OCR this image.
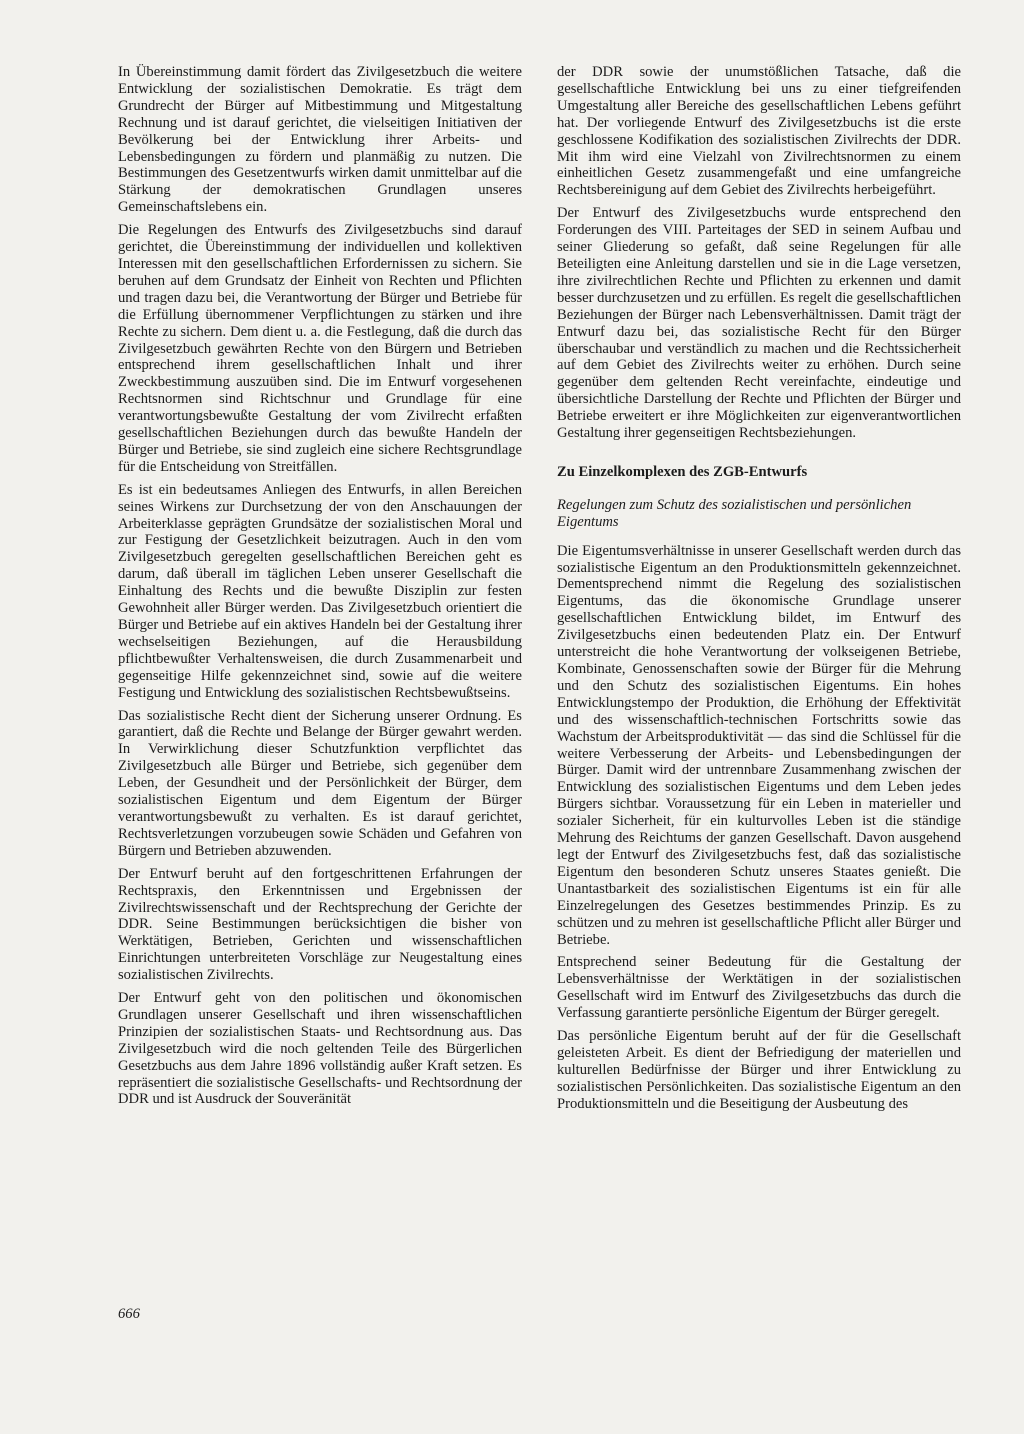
In Übereinstimmung damit fördert das Zivilgesetzbuch die weitere Entwicklung der sozialistischen Demokratie. Es trägt dem Grundrecht der Bürger auf Mitbestimmung und Mitgestaltung Rechnung und ist darauf gerichtet, die vielseitigen Initiativen der Bevölkerung bei der Entwicklung ihrer Arbeits- und Lebensbedingungen zu fördern und planmäßig zu nutzen. Die Bestimmungen des Gesetzentwurfs wirken damit unmittelbar auf die Stärkung der demokratischen Grundlagen unseres Gemeinschaftslebens ein.

Die Regelungen des Entwurfs des Zivilgesetzbuchs sind darauf gerichtet, die Übereinstimmung der individuellen und kollektiven Interessen mit den gesellschaftlichen Erfordernissen zu sichern. Sie beruhen auf dem Grundsatz der Einheit von Rechten und Pflichten und tragen dazu bei, die Verantwortung der Bürger und Betriebe für die Erfüllung übernommener Verpflichtungen zu stärken und ihre Rechte zu sichern. Dem dient u. a. die Festlegung, daß die durch das Zivilgesetzbuch gewährten Rechte von den Bürgern und Betrieben entsprechend ihrem gesellschaftlichen Inhalt und ihrer Zweckbestimmung auszuüben sind. Die im Entwurf vorgesehenen Rechtsnormen sind Richtschnur und Grundlage für eine verantwortungsbewußte Gestaltung der vom Zivilrecht erfaßten gesellschaftlichen Beziehungen durch das bewußte Handeln der Bürger und Betriebe, sie sind zugleich eine sichere Rechtsgrundlage für die Entscheidung von Streitfällen.

Es ist ein bedeutsames Anliegen des Entwurfs, in allen Bereichen seines Wirkens zur Durchsetzung der von den Anschauungen der Arbeiterklasse geprägten Grundsätze der sozialistischen Moral und zur Festigung der Gesetzlichkeit beizutragen. Auch in den vom Zivilgesetzbuch geregelten gesellschaftlichen Bereichen geht es darum, daß überall im täglichen Leben unserer Gesellschaft die Einhaltung des Rechts und die bewußte Disziplin zur festen Gewohnheit aller Bürger werden. Das Zivilgesetzbuch orientiert die Bürger und Betriebe auf ein aktives Handeln bei der Gestaltung ihrer wechselseitigen Beziehungen, auf die Herausbildung pflichtbewußter Verhaltensweisen, die durch Zusammenarbeit und gegenseitige Hilfe gekennzeichnet sind, sowie auf die weitere Festigung und Entwicklung des sozialistischen Rechtsbewußtseins.

Das sozialistische Recht dient der Sicherung unserer Ordnung. Es garantiert, daß die Rechte und Belange der Bürger gewahrt werden. In Verwirklichung dieser Schutzfunktion verpflichtet das Zivilgesetzbuch alle Bürger und Betriebe, sich gegenüber dem Leben, der Gesundheit und der Persönlichkeit der Bürger, dem sozialistischen Eigentum und dem Eigentum der Bürger verantwortungsbewußt zu verhalten. Es ist darauf gerichtet, Rechtsverletzungen vorzubeugen sowie Schäden und Gefahren von Bürgern und Betrieben abzuwenden.

Der Entwurf beruht auf den fortgeschrittenen Erfahrungen der Rechtspraxis, den Erkenntnissen und Ergebnissen der Zivilrechtswissenschaft und der Rechtsprechung der Gerichte der DDR. Seine Bestimmungen berücksichtigen die bisher von Werktätigen, Betrieben, Gerichten und wissenschaftlichen Einrichtungen unterbreiteten Vorschläge zur Neugestaltung eines sozialistischen Zivilrechts.

Der Entwurf geht von den politischen und ökonomischen Grundlagen unserer Gesellschaft und ihren wissenschaftlichen Prinzipien der sozialistischen Staats- und Rechtsordnung aus. Das Zivilgesetzbuch wird die noch geltenden Teile des Bürgerlichen Gesetzbuchs aus dem Jahre 1896 vollständig außer Kraft setzen. Es repräsentiert die sozialistische Gesellschafts- und Rechtsordnung der DDR und ist Ausdruck der Souveränität

der DDR sowie der unumstößlichen Tatsache, daß die gesellschaftliche Entwicklung bei uns zu einer tiefgreifenden Umgestaltung aller Bereiche des gesellschaftlichen Lebens geführt hat. Der vorliegende Entwurf des Zivilgesetzbuchs ist die erste geschlossene Kodifikation des sozialistischen Zivilrechts der DDR. Mit ihm wird eine Vielzahl von Zivilrechtsnormen zu einem einheitlichen Gesetz zusammengefaßt und eine umfangreiche Rechtsbereinigung auf dem Gebiet des Zivilrechts herbeigeführt.

Der Entwurf des Zivilgesetzbuchs wurde entsprechend den Forderungen des VIII. Parteitages der SED in seinem Aufbau und seiner Gliederung so gefaßt, daß seine Regelungen für alle Beteiligten eine Anleitung darstellen und sie in die Lage versetzen, ihre zivilrechtlichen Rechte und Pflichten zu erkennen und damit besser durchzusetzen und zu erfüllen. Es regelt die gesellschaftlichen Beziehungen der Bürger nach Lebensverhältnissen. Damit trägt der Entwurf dazu bei, das sozialistische Recht für den Bürger überschaubar und verständlich zu machen und die Rechtssicherheit auf dem Gebiet des Zivilrechts weiter zu erhöhen. Durch seine gegenüber dem geltenden Recht vereinfachte, eindeutige und übersichtliche Darstellung der Rechte und Pflichten der Bürger und Betriebe erweitert er ihre Möglichkeiten zur eigenverantwortlichen Gestaltung ihrer gegenseitigen Rechtsbeziehungen.

Zu Einzelkomplexen des ZGB-Entwurfs

Regelungen zum Schutz des sozialistischen und persönlichen Eigentums

Die Eigentumsverhältnisse in unserer Gesellschaft werden durch das sozialistische Eigentum an den Produktionsmitteln gekennzeichnet. Dementsprechend nimmt die Regelung des sozialistischen Eigentums, das die ökonomische Grundlage unserer gesellschaftlichen Entwicklung bildet, im Entwurf des Zivilgesetzbuchs einen bedeutenden Platz ein. Der Entwurf unterstreicht die hohe Verantwortung der volkseigenen Betriebe, Kombinate, Genossenschaften sowie der Bürger für die Mehrung und den Schutz des sozialistischen Eigentums. Ein hohes Entwicklungstempo der Produktion, die Erhöhung der Effektivität und des wissenschaftlich-technischen Fortschritts sowie das Wachstum der Arbeitsproduktivität — das sind die Schlüssel für die weitere Verbesserung der Arbeits- und Lebensbedingungen der Bürger. Damit wird der untrennbare Zusammenhang zwischen der Entwicklung des sozialistischen Eigentums und dem Leben jedes Bürgers sichtbar. Voraussetzung für ein Leben in materieller und sozialer Sicherheit, für ein kulturvolles Leben ist die ständige Mehrung des Reichtums der ganzen Gesellschaft. Davon ausgehend legt der Entwurf des Zivilgesetzbuchs fest, daß das sozialistische Eigentum den besonderen Schutz unseres Staates genießt. Die Unantastbarkeit des sozialistischen Eigentums ist ein für alle Einzelregelungen des Gesetzes bestimmendes Prinzip. Es zu schützen und zu mehren ist gesellschaftliche Pflicht aller Bürger und Betriebe.

Entsprechend seiner Bedeutung für die Gestaltung der Lebensverhältnisse der Werktätigen in der sozialistischen Gesellschaft wird im Entwurf des Zivilgesetzbuchs das durch die Verfassung garantierte persönliche Eigentum der Bürger geregelt.

Das persönliche Eigentum beruht auf der für die Gesellschaft geleisteten Arbeit. Es dient der Befriedigung der materiellen und kulturellen Bedürfnisse der Bürger und ihrer Entwicklung zu sozialistischen Persönlichkeiten. Das sozialistische Eigentum an den Produktionsmitteln und die Beseitigung der Ausbeutung des

666
